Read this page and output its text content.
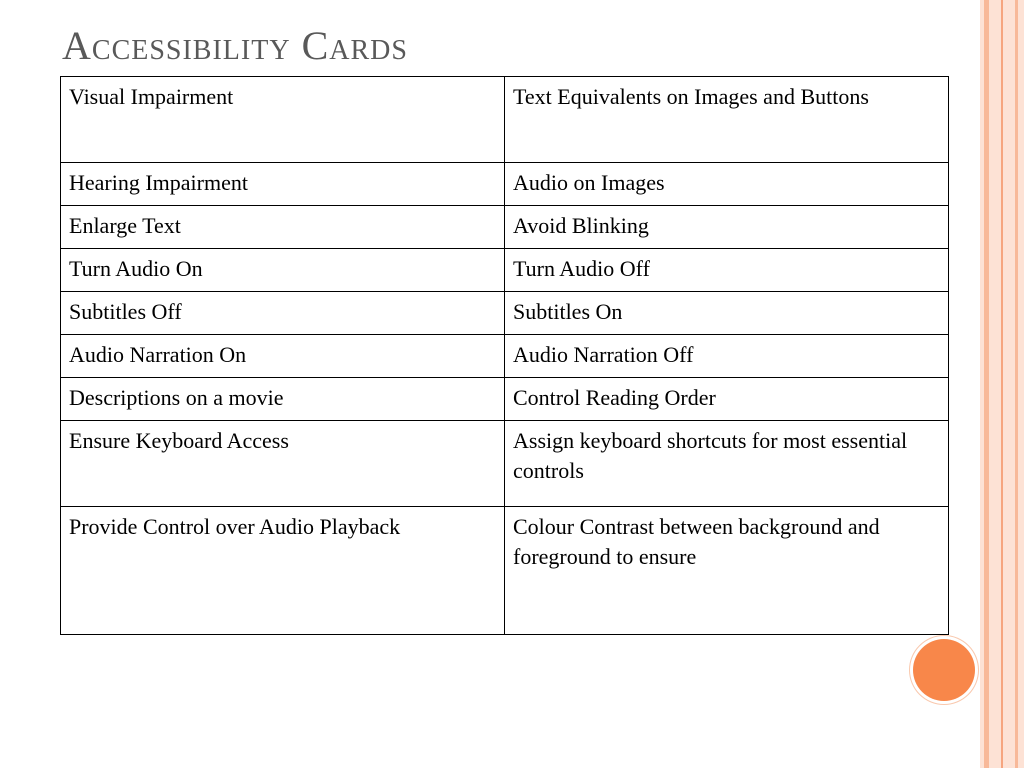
Accessibility Cards
Visual Impairment	Text Equivalents on Images and Buttons
Hearing Impairment	Audio on Images
Enlarge Text	Avoid Blinking
Turn Audio On	Turn Audio Off
Subtitles Off	Subtitles On
Audio Narration On	Audio Narration Off
Descriptions on a movie	Control Reading Order
Ensure Keyboard Access	Assign keyboard shortcuts for most essential controls
Provide Control over Audio Playback	Colour Contrast between background and foreground to ensure
